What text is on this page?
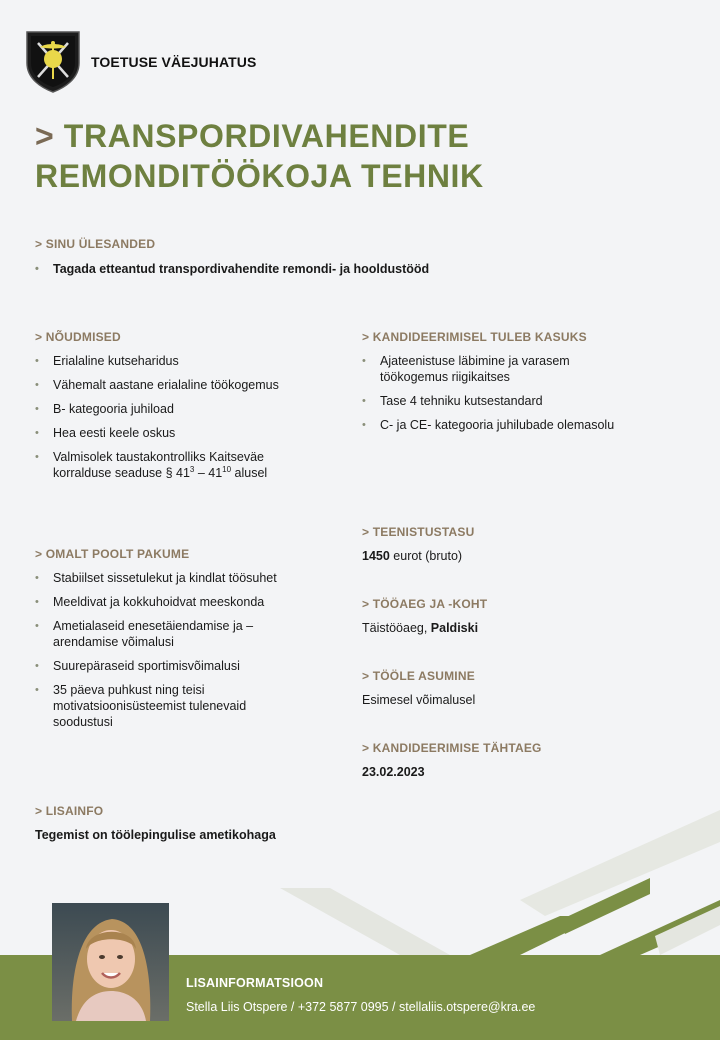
TOETUSE VÄEJUHATUS
> TRANSPORDIVAHENDITE
REMONDITÖÖKOJA TEHNIK
> SINU ÜLESANDED
• Tagada etteantud transpordivahendite remondi- ja hooldustööd
> NÕUDMISED
• Erialaline kutseharidus
• Vähemalt aastane erialaline töökogemus
• B- kategooria juhiload
• Hea eesti keele oskus
• Valmisolek taustakontrolliks Kaitseväe
korralduse seaduse § $41^3 - 41^{10}$ alusel
> KANDIDEERIMISEL TULEB KASUKS
• Ajateenistuse läbimine ja varasem töökogemus riigikaitses
• Tase 4 tehniku kutsestandard
• C- ja CE- kategooria juhilubade olemasolu
> OMALT POOLT PAKUME
• Stabiilset sissetulekut ja kindlat töösuhet
• Meeldivat ja kokkuhoidvat meeskonda
• Ametialaseid enesetäiendamise ja –arendamise võimalusi
• Suurepäraseid sportimisvõimalusi
• 35 päeva puhkust ning teisi motivatsioonisüsteemist tulenevaid soodustusi
> TEENISTUSTASU
1450 eurot (bruto)
> TÖÖAEG JA -KOHT
Täistööaeg, Paldiski
> TÖÖLE ASUMINE
Esimesel võimalusel
> KANDIDEERIMISE TÄHTAEG
23.02.2023
> LISAINFO
Tegemist on töölepingulise ametikohaga
LISAINFORMATSIOON
Stella Liis Otspere / +372 5877 0995 / stellaliis.otspere@kra.ee
